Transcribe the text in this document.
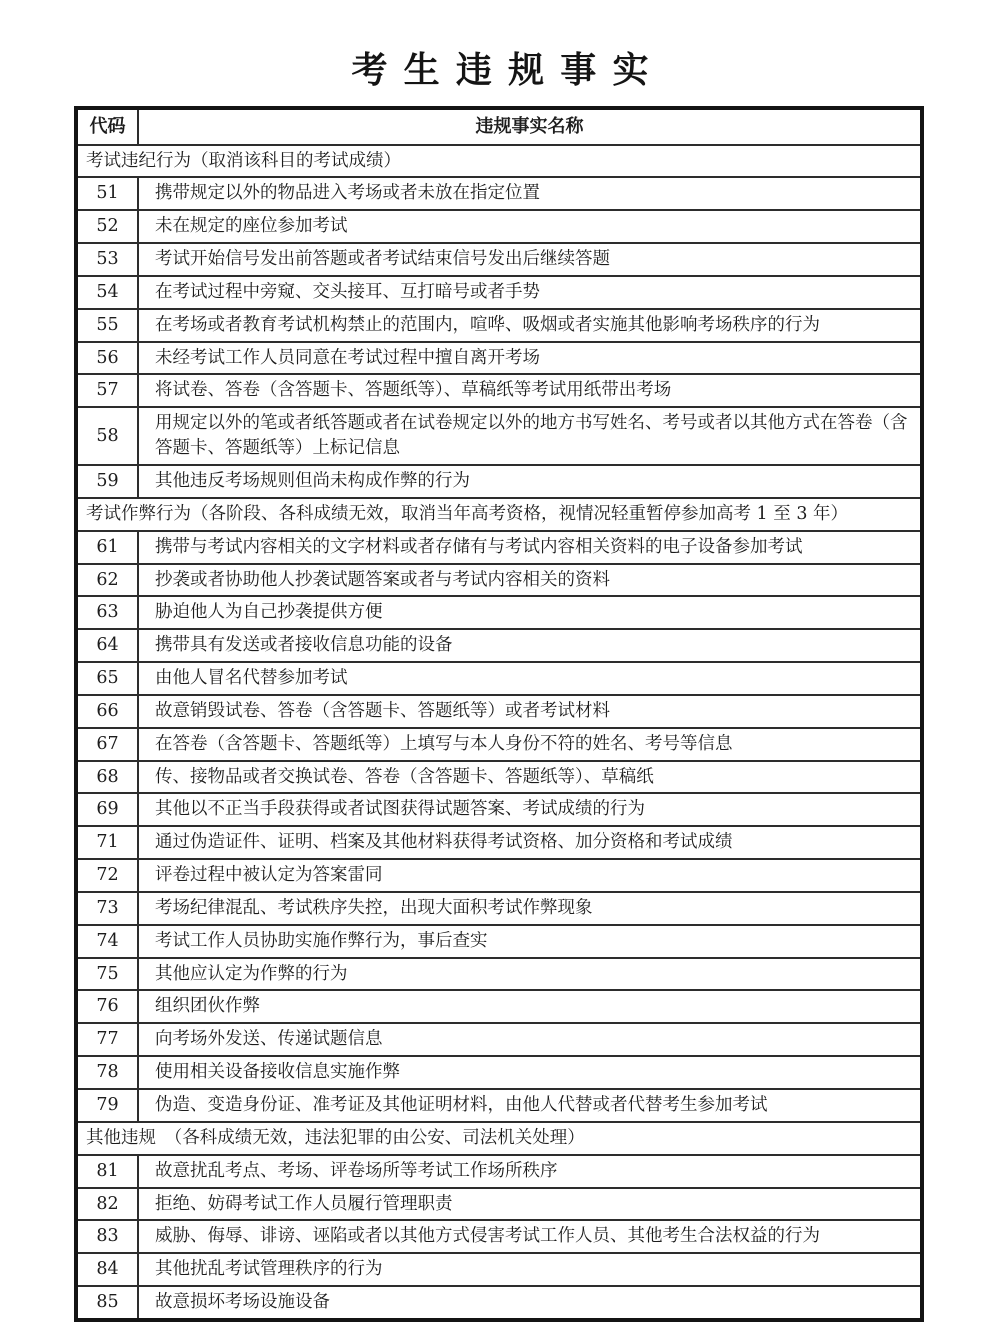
考生违规事实
代码	违规事实名称
考试违纪行为（取消该科目的考试成绩）	
51	携带规定以外的物品进入考场或者未放在指定位置
52	未在规定的座位参加考试
53	考试开始信号发出前答题或者考试结束信号发出后继续答题
54	在考试过程中旁窥、交头接耳、互打暗号或者手势
55	在考场或者教育考试机构禁止的范围内，喧哗、吸烟或者实施其他影响考场秩序的行为
56	未经考试工作人员同意在考试过程中擅自离开考场
57	将试卷、答卷（含答题卡、答题纸等）、草稿纸等考试用纸带出考场
58	用规定以外的笔或者纸答题或者在试卷规定以外的地方书写姓名、考号或者以其他方式在答卷（含答题卡、答题纸等）上标记信息
59	其他违反考场规则但尚未构成作弊的行为
考试作弊行为（各阶段、各科成绩无效，取消当年高考资格，视情况轻重暂停参加高考 1 至 3 年）	
61	携带与考试内容相关的文字材料或者存储有与考试内容相关资料的电子设备参加考试
62	抄袭或者协助他人抄袭试题答案或者与考试内容相关的资料
63	胁迫他人为自己抄袭提供方便
64	携带具有发送或者接收信息功能的设备
65	由他人冒名代替参加考试
66	故意销毁试卷、答卷（含答题卡、答题纸等）或者考试材料
67	在答卷（含答题卡、答题纸等）上填写与本人身份不符的姓名、考号等信息
68	传、接物品或者交换试卷、答卷（含答题卡、答题纸等）、草稿纸
69	其他以不正当手段获得或者试图获得试题答案、考试成绩的行为
71	通过伪造证件、证明、档案及其他材料获得考试资格、加分资格和考试成绩
72	评卷过程中被认定为答案雷同
73	考场纪律混乱、考试秩序失控，出现大面积考试作弊现象
74	考试工作人员协助实施作弊行为，事后查实
75	其他应认定为作弊的行为
76	组织团伙作弊
77	向考场外发送、传递试题信息
78	使用相关设备接收信息实施作弊
79	伪造、变造身份证、准考证及其他证明材料，由他人代替或者代替考生参加考试
其他违规　（各科成绩无效，违法犯罪的由公安、司法机关处理）	
81	故意扰乱考点、考场、评卷场所等考试工作场所秩序
82	拒绝、妨碍考试工作人员履行管理职责
83	威胁、侮辱、诽谤、诬陷或者以其他方式侵害考试工作人员、其他考生合法权益的行为
84	其他扰乱考试管理秩序的行为
85	故意损坏考场设施设备
